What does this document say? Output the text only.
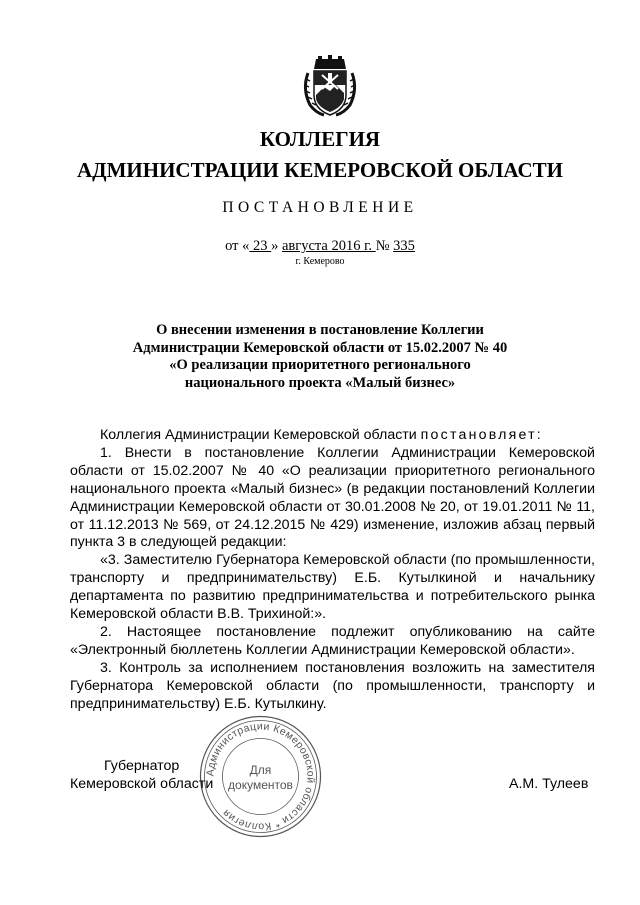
КОЛЛЕГИЯ
АДМИНИСТРАЦИИ КЕМЕРОВСКОЙ ОБЛАСТИ
ПОСТАНОВЛЕНИЕ
от « 23 » августа 2016 г. № 335
г. Кемерово
О внесении изменения в постановление Коллегии
Администрации Кемеровской области от 15.02.2007 № 40
«О реализации приоритетного регионального
национального проекта «Малый бизнес»

Коллегия Администрации Кемеровской области постановляет:

1. Внести в постановление Коллегии Администрации Кемеровской области от 15.02.2007 № 40 «О реализации приоритетного регионального национального проекта «Малый бизнес» (в редакции постановлений Коллегии Администрации Кемеровской области от 30.01.2008 № 20, от 19.01.2011 № 11, от 11.12.2013 № 569, от 24.12.2015 № 429) изменение, изложив абзац первый пункта 3 в следующей редакции:

«3. Заместителю Губернатора Кемеровской области (по промышленности, транспорту и предпринимательству) Е.Б. Кутылкиной и начальнику департамента по развитию предпринимательства и потребительского рынка Кемеровской области В.В. Трихиной:».

2. Настоящее постановление подлежит опубликованию на сайте «Электронный бюллетень Коллегии Администрации Кемеровской области».

3. Контроль за исполнением постановления возложить на заместителя Губернатора Кемеровской области (по промышленности, транспорту и предпринимательству) Е.Б. Кутылкину.

Администрации Кемеровской области * Коллегия
Для
документов
Губернатор
Кемеровской области	А.М. Тулеев
